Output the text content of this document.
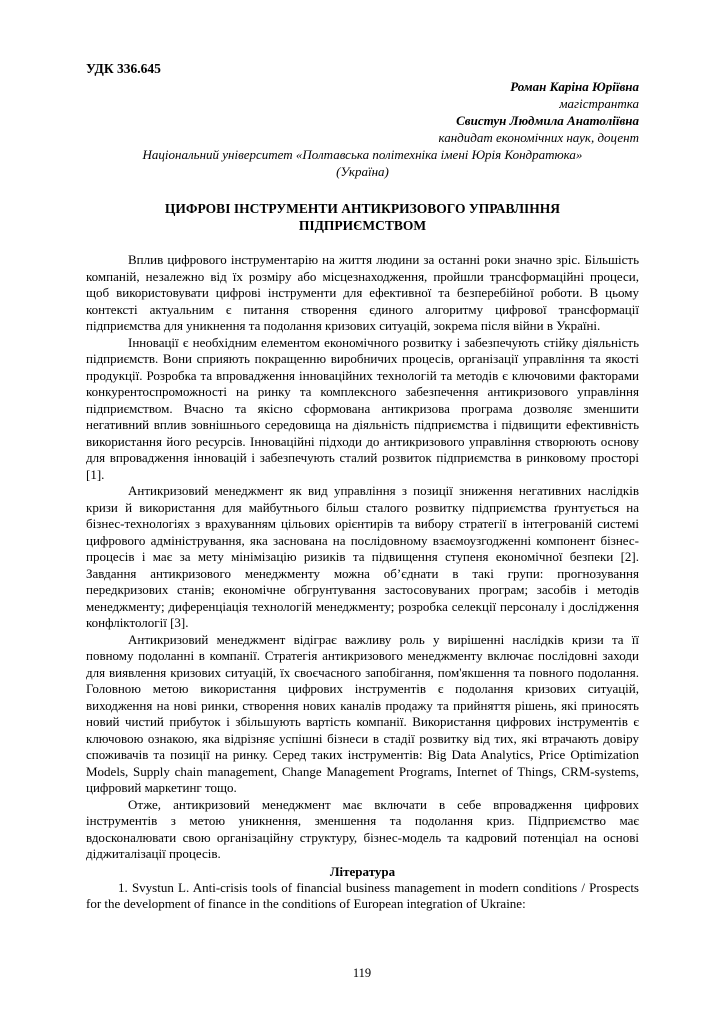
УДК 336.645

Роман Каріна Юріївна
магістрантка
Свистун Людмила Анатоліївна
кандидат економічних наук, доцент
Національний університет «Полтавська політехніка імені Юрія Кондратюка»
(Україна)
ЦИФРОВІ ІНСТРУМЕНТИ АНТИКРИЗОВОГО УПРАВЛІННЯ ПІДПРИЄМСТВОМ

Вплив цифрового інструментарію на життя людини за останні роки значно зріс. Більшість компаній, незалежно від їх розміру або місцезнаходження, пройшли трансформаційні процеси, щоб використовувати цифрові інструменти для ефективної та безперебійної роботи. В цьому контексті актуальним є питання створення єдиного алгоритму цифрової трансформації підприємства для уникнення та подолання кризових ситуацій, зокрема після війни в Україні.

Інновації є необхідним елементом економічного розвитку і забезпечують стійку діяльність підприємств. Вони сприяють покращенню виробничих процесів, організації управління та якості продукції. Розробка та впровадження інноваційних технологій та методів є ключовими факторами конкурентоспроможності на ринку та комплексного забезпечення антикризового управління підприємством. Вчасно та якісно сформована антикризова програма дозволяє зменшити негативний вплив зовнішнього середовища на діяльність підприємства і підвищити ефективність використання його ресурсів. Інноваційні підходи до антикризового управління створюють основу для впровадження інновацій і забезпечують сталий розвиток підприємства в ринковому просторі [1].

Антикризовий менеджмент як вид управління з позиції зниження негативних наслідків кризи й використання для майбутнього більш сталого розвитку підприємства ґрунтується на бізнес-технологіях з врахуванням цільових орієнтирів та вибору стратегії в інтегрованій системі цифрового адміністрування, яка заснована на послідовному взаємоузгодженні компонент бізнес-процесів і має за мету мінімізацію ризиків та підвищення ступеня економічної безпеки [2]. Завдання антикризового менеджменту можна об’єднати в такі групи: прогнозування передкризових станів; економічне обгрунтування застосовуваних програм; засобів і методів менеджменту; диференціація технологій менеджменту; розробка селекції персоналу і дослідження конфліктології [3].

Антикризовий менеджмент відіграє важливу роль у вирішенні наслідків кризи та її повному подоланні в компанії. Стратегія антикризового менеджменту включає послідовні заходи для виявлення кризових ситуацій, їх своєчасного запобігання, пом'якшення та повного подолання. Головною метою використання цифрових інструментів є подолання кризових ситуацій, виходження на нові ринки, створення нових каналів продажу та прийняття рішень, які приносять новий чистий прибуток і збільшують вартість компанії. Використання цифрових інструментів є ключовою ознакою, яка відрізняє успішні бізнеси в стадії розвитку від тих, які втрачають довіру споживачів та позиції на ринку. Серед таких інструментів: Big Data Analytics, Price Optimization Models, Supply chain management, Change Management Programs, Internet of Things, CRM-systems, цифровий маркетинг тощо.

Отже, антикризовий менеджмент має включати в себе впровадження цифрових інструментів з метою уникнення, зменшення та подолання криз. Підприємство має вдосконалювати свою організаційну структуру, бізнес-модель та кадровий потенціал на основі діджиталізації процесів.

Література

1. Svystun L. Anti-crisis tools of financial business management in modern conditions / Prospects for the development of finance in the conditions of European integration of Ukraine:

119
